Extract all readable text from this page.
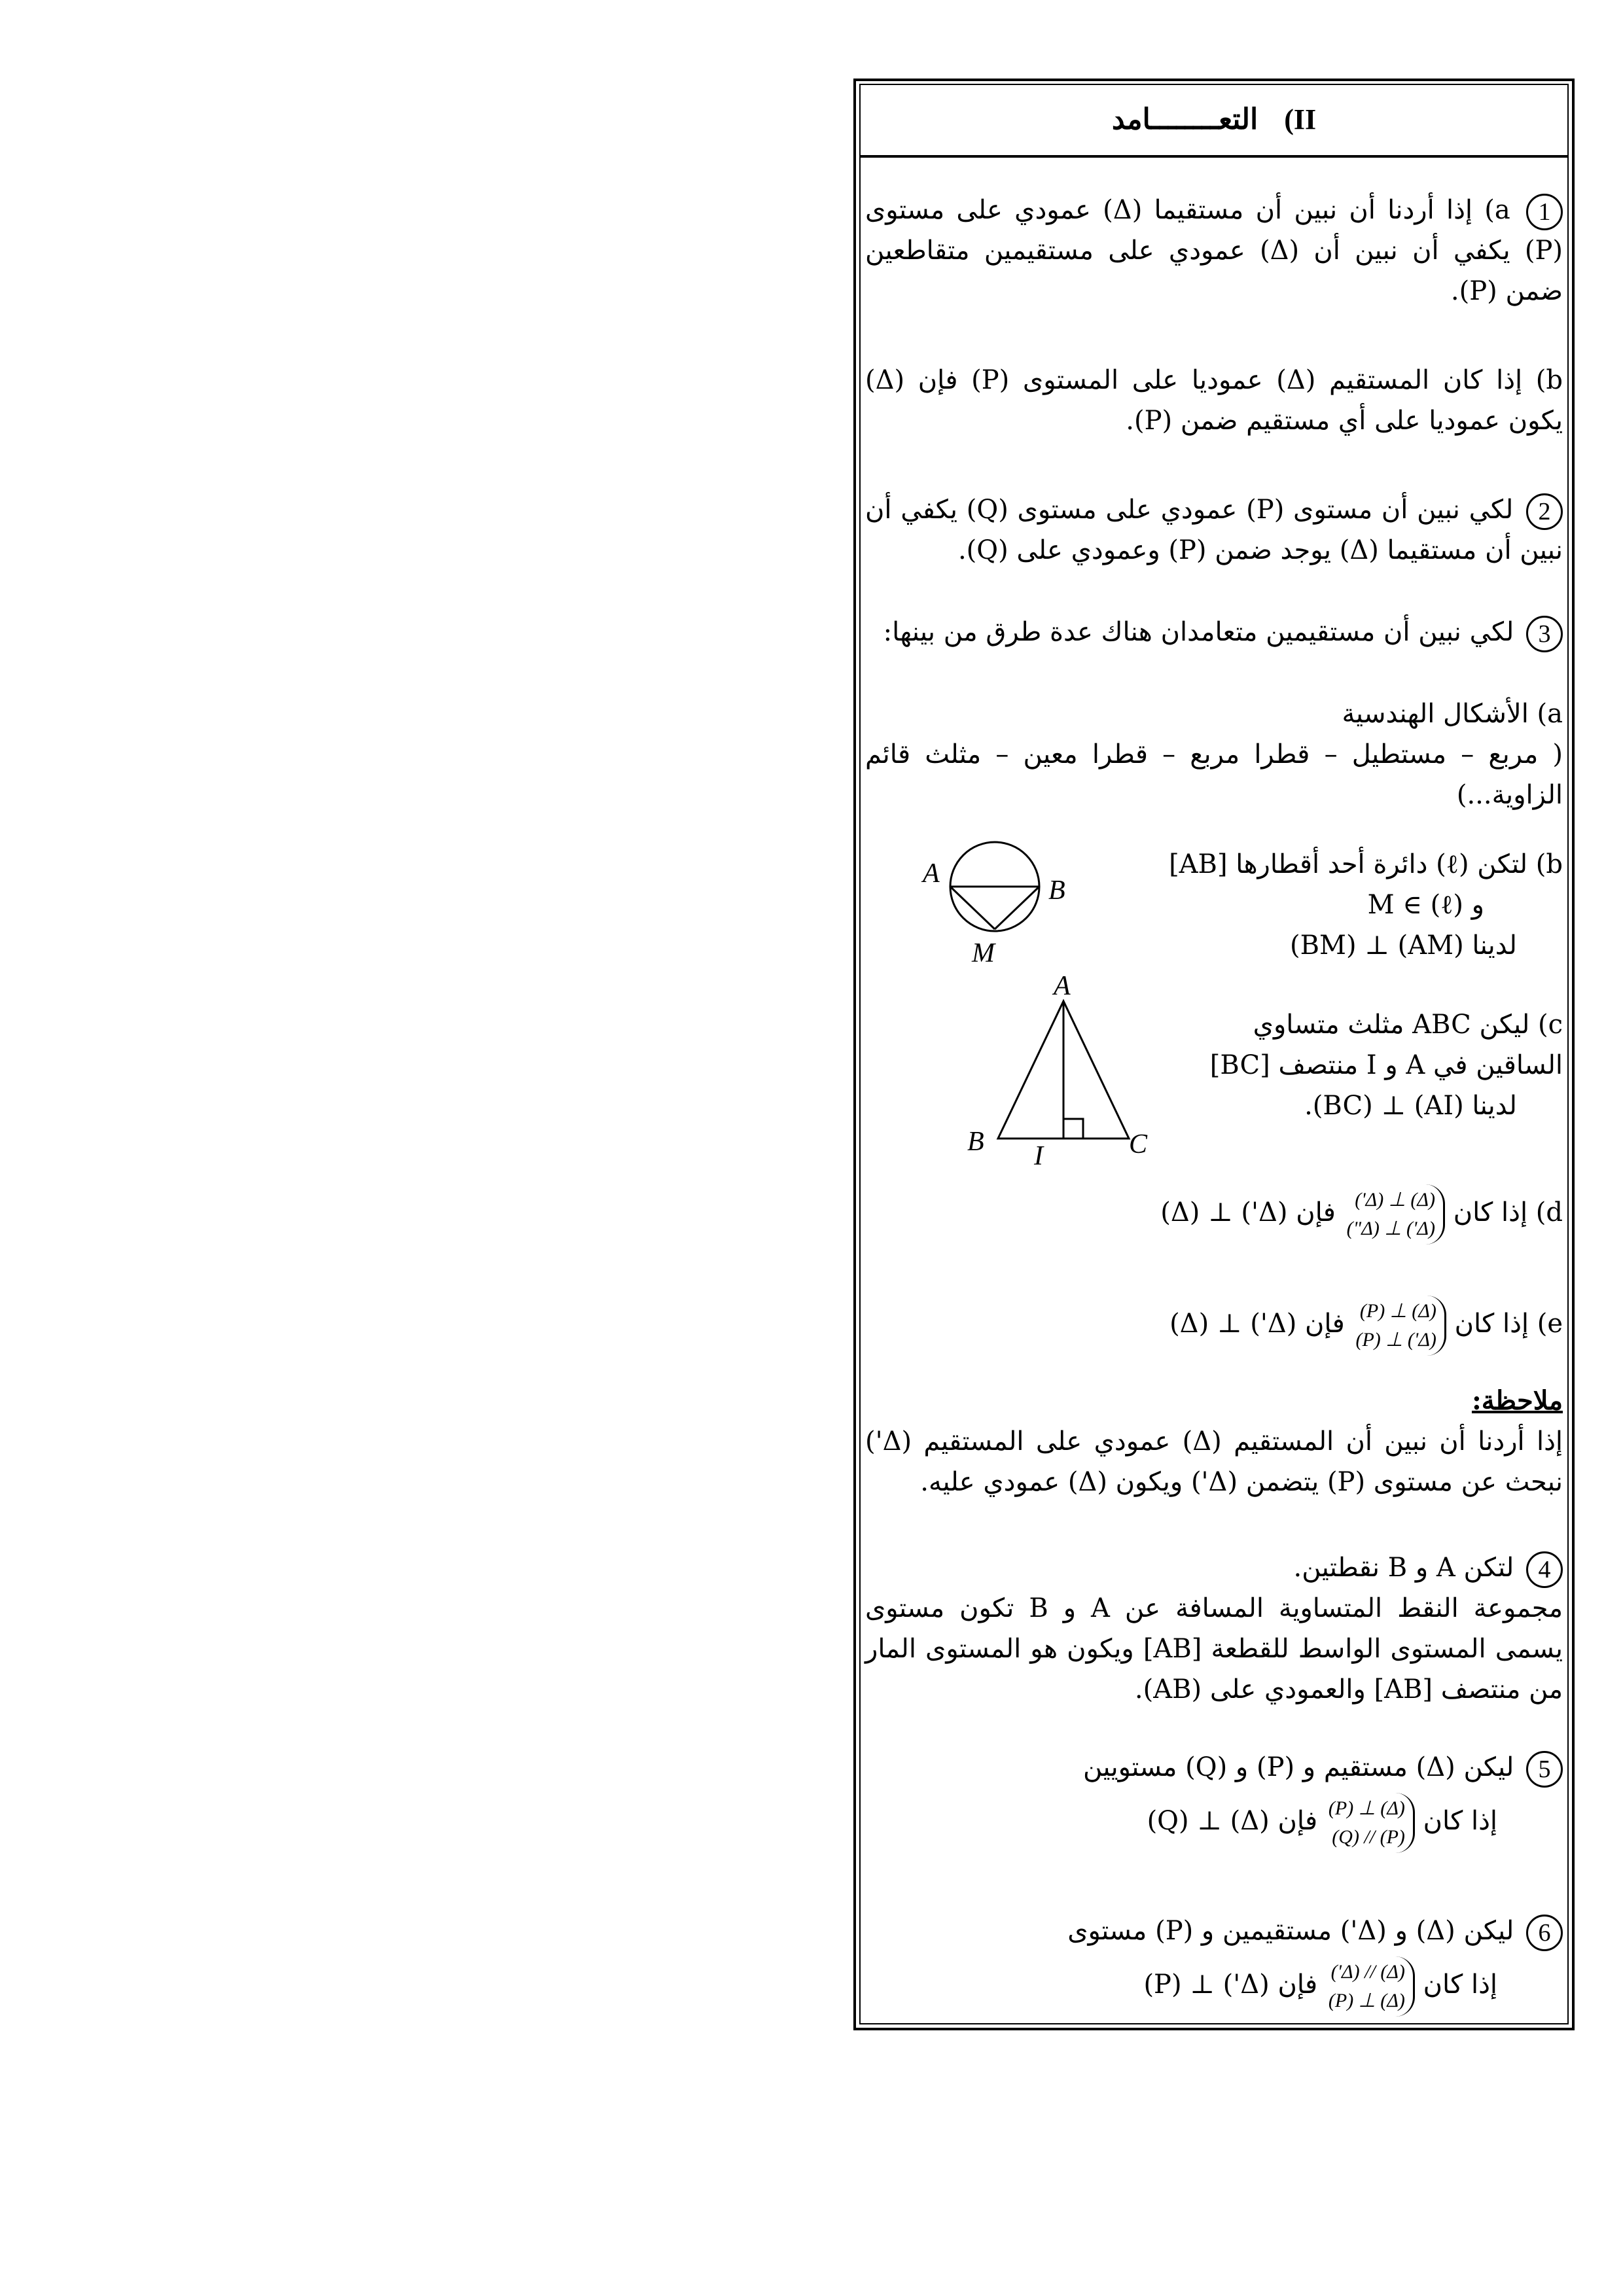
II)
التعــــــــامد
1 a) إذا أردنا أن نبين أن مستقيما (Δ) عمودي على مستوى (P) يكفي أن نبين أن (Δ) عمودي على مستقيمين متقاطعين ضمن (P).
b) إذا كان المستقيم (Δ) عموديا على المستوى (P) فإن (Δ) يكون عموديا على أي مستقيم ضمن (P).
2 لكي نبين أن مستوى (P) عمودي على مستوى (Q) يكفي أن نبين أن مستقيما (Δ) يوجد ضمن (P) وعمودي على (Q).
3 لكي نبين أن مستقيمين متعامدان هناك عدة طرق من بينها:
a) الأشكال الهندسية
( مربع – مستطيل – قطرا مربع – قطرا معين – مثلث قائم الزاوية...)
b) لتكن (ℓ) دائرة أحد أقطارها [AB]
و M ∈ (ℓ)
لدينا (AM) ⊥ (BM)
c) ليكن ABC مثلث متساوي
الساقين في A و I منتصف [BC]
لدينا (AI) ⊥ (BC).
d) إذا كان
(Δ) ⊥ (Δ')
(Δ') ⊥ (Δ")
فإن (Δ') ⊥ (Δ)
e) إذا كان
(Δ) ⊥ (P)
(Δ') ⊥ (P)
فإن (Δ') ⊥ (Δ)
ملاحظة:
إذا أردنا أن نبين أن المستقيم (Δ) عمودي على المستقيم (Δ') نبحث عن مستوى (P) يتضمن (Δ') ويكون (Δ) عمودي عليه.
4 لتكن A و B نقطتين.
مجموعة النقط المتساوية المسافة عن A و B تكون مستوى يسمى المستوى الواسط للقطعة [AB] ويكون هو المستوى المار من منتصف [AB] والعمودي على (AB).
5 ليكن (Δ) مستقيم و (P) و (Q) مستويين
إذا كان
(Δ) ⊥ (P)
(P) // (Q)
فإن (Δ) ⊥ (Q)
6 ليكن (Δ) و (Δ') مستقيمين و (P) مستوى
إذا كان
(Δ) // (Δ')
(Δ) ⊥ (P)
فإن (Δ') ⊥ (P)
A
B
M
A
B	C
I
